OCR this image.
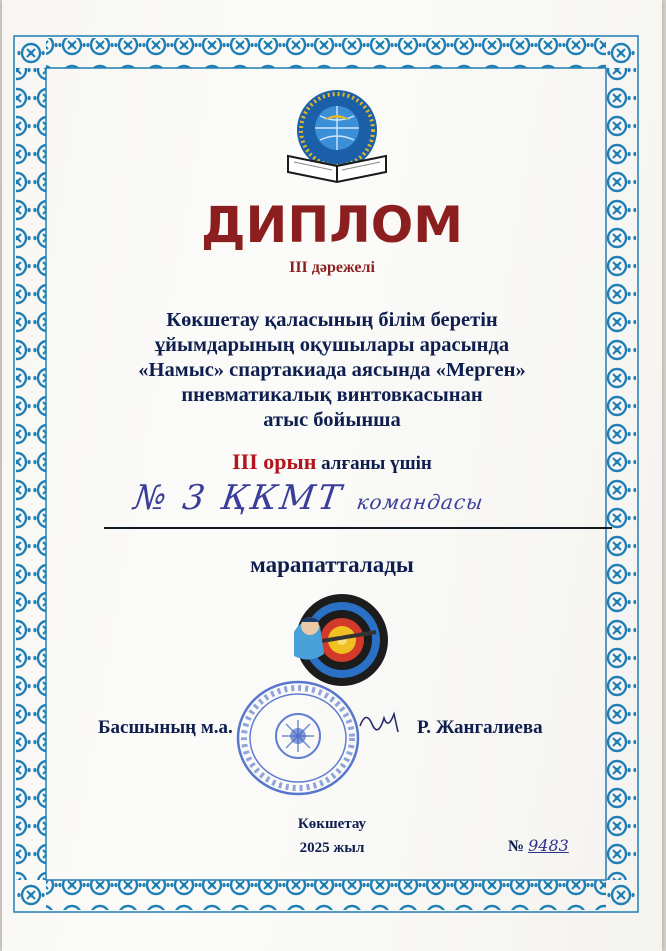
ДИПЛОМ
III дәрежелі
Көкшетау қаласының білім беретін
ұйымдарының оқушылары арасында
«Намыс» спартакиада аясында «Мерген»
пневматикалық винтовкасынан
атыс бойынша
III орын алғаны үшін
№ 3 ҚКМТ командасы
марапатталады
Басшының м.а.	Р. Жангалиева
Көкшетау
2025 жыл	№ 9483
